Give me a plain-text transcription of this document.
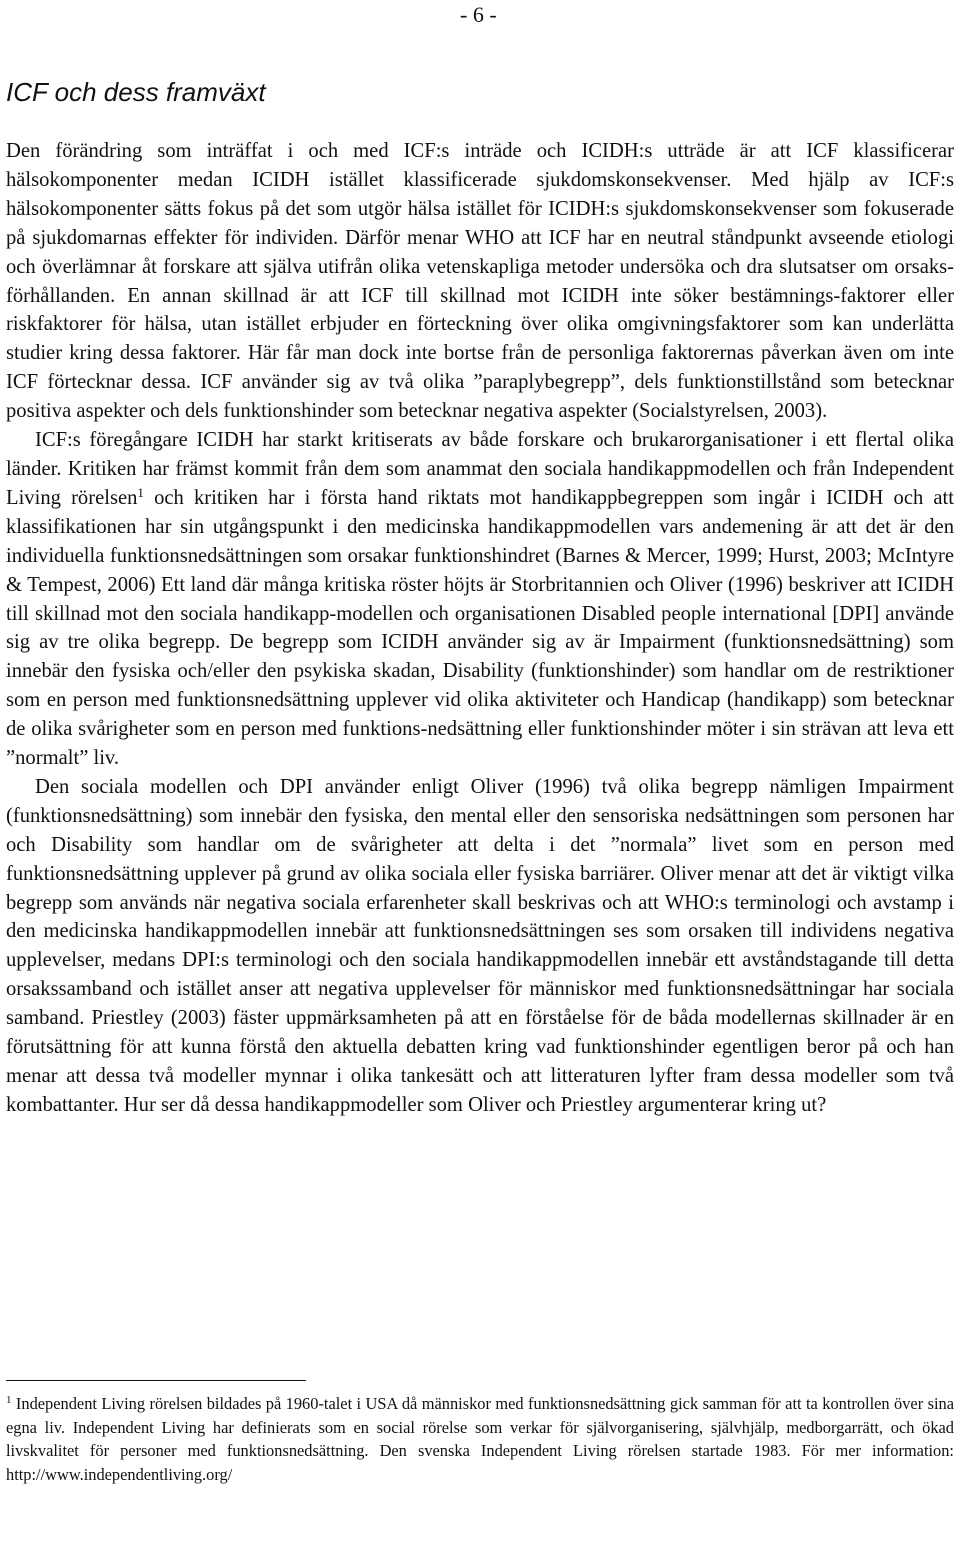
- 6 -
ICF och dess framväxt

Den förändring som inträffat i och med ICF:s inträde och ICIDH:s utträde är att ICF klassificerar hälsokomponenter medan ICIDH istället klassificerade sjukdomskonsekvenser. Med hjälp av ICF:s hälsokomponenter sätts fokus på det som utgör hälsa istället för ICIDH:s sjukdomskonsekvenser som fokuserade på sjukdomarnas effekter för individen. Därför menar WHO att ICF har en neutral ståndpunkt avseende etiologi och överlämnar åt forskare att själva utifrån olika vetenskapliga metoder undersöka och dra slutsatser om orsaks-förhållanden. En annan skillnad är att ICF till skillnad mot ICIDH inte söker bestämnings-faktorer eller riskfaktorer för hälsa, utan istället erbjuder en förteckning över olika omgivningsfaktorer som kan underlätta studier kring dessa faktorer. Här får man dock inte bortse från de personliga faktorernas påverkan även om inte ICF förtecknar dessa. ICF använder sig av två olika ”paraplybegrepp”, dels funktionstillstånd som betecknar positiva aspekter och dels funktionshinder som betecknar negativa aspekter (Socialstyrelsen, 2003).

ICF:s föregångare ICIDH har starkt kritiserats av både forskare och brukarorganisationer i ett flertal olika länder. Kritiken har främst kommit från dem som anammat den sociala handikappmodellen och från Independent Living rörelsen$^1$ och kritiken har i första hand riktats mot handikappbegreppen som ingår i ICIDH och att klassifikationen har sin utgångspunkt i den medicinska handikappmodellen vars andemening är att det är den individuella funktionsnedsättningen som orsakar funktionshindret (Barnes & Mercer, 1999; Hurst, 2003; McIntyre & Tempest, 2006) Ett land där många kritiska röster höjts är Storbritannien och Oliver (1996) beskriver att ICIDH till skillnad mot den sociala handikapp-modellen och organisationen Disabled people international [DPI] använde sig av tre olika begrepp. De begrepp som ICIDH använder sig av är Impairment (funktionsnedsättning) som innebär den fysiska och/eller den psykiska skadan, Disability (funktionshinder) som handlar om de restriktioner som en person med funktionsnedsättning upplever vid olika aktiviteter och Handicap (handikapp) som betecknar de olika svårigheter som en person med funktions-nedsättning eller funktionshinder möter i sin strävan att leva ett ”normalt” liv.

Den sociala modellen och DPI använder enligt Oliver (1996) två olika begrepp nämligen Impairment (funktionsnedsättning) som innebär den fysiska, den mental eller den sensoriska nedsättningen som personen har och Disability som handlar om de svårigheter att delta i det ”normala” livet som en person med funktionsnedsättning upplever på grund av olika sociala eller fysiska barriärer. Oliver menar att det är viktigt vilka begrepp som används när negativa sociala erfarenheter skall beskrivas och att WHO:s terminologi och avstamp i den medicinska handikappmodellen innebär att funktionsnedsättningen ses som orsaken till individens negativa upplevelser, medans DPI:s terminologi och den sociala handikappmodellen innebär ett avståndstagande till detta orsakssamband och istället anser att negativa upplevelser för människor med funktionsnedsättningar har sociala samband. Priestley (2003) fäster uppmärksamheten på att en förståelse för de båda modellernas skillnader är en förutsättning för att kunna förstå den aktuella debatten kring vad funktionshinder egentligen beror på och han menar att dessa två modeller mynnar i olika tankesätt och att litteraturen lyfter fram dessa modeller som två kombattanter. Hur ser då dessa handikappmodeller som Oliver och Priestley argumenterar kring ut?

$^1$ Independent Living rörelsen bildades på 1960-talet i USA då människor med funktionsnedsättning gick samman för att ta kontrollen över sina egna liv. Independent Living har definierats som en social rörelse som verkar för självorganisering, självhjälp, medborgarrätt, och ökad livskvalitet för personer med funktionsnedsättning. Den svenska Independent Living rörelsen startade 1983. För mer information: http://www.independentliving.org/
